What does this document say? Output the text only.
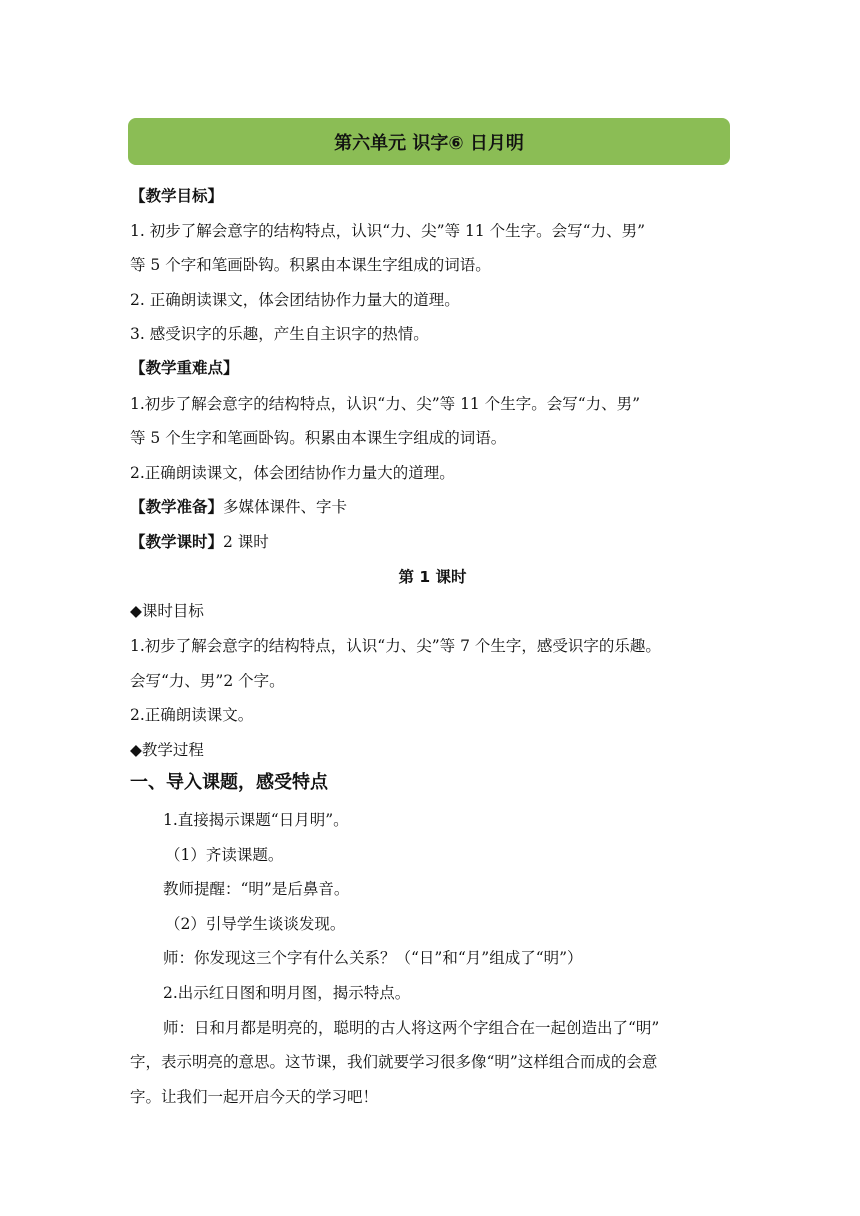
第六单元 识字⑥ 日月明
【教学目标】
1. 初步了解会意字的结构特点，认识“力、尖”等 11 个生字。会写“力、男”
等 5 个字和笔画卧钩。积累由本课生字组成的词语。
2. 正确朗读课文，体会团结协作力量大的道理。
3. 感受识字的乐趣，产生自主识字的热情。
【教学重难点】
1.初步了解会意字的结构特点，认识“力、尖”等 11 个生字。会写“力、男”
等 5 个生字和笔画卧钩。积累由本课生字组成的词语。
2.正确朗读课文，体会团结协作力量大的道理。
【教学准备】多媒体课件、字卡
【教学课时】2 课时
第 1 课时
◆课时目标
1.初步了解会意字的结构特点，认识“力、尖”等 7 个生字，感受识字的乐趣。
会写“力、男”2 个字。
2.正确朗读课文。
◆教学过程
一、导入课题，感受特点
1.直接揭示课题“日月明”。
（1）齐读课题。
教师提醒：“明”是后鼻音。
（2）引导学生谈谈发现。
师：你发现这三个字有什么关系？（“日”和“月”组成了“明”）
2.出示红日图和明月图，揭示特点。
师：日和月都是明亮的，聪明的古人将这两个字组合在一起创造出了“明”
字，表示明亮的意思。这节课，我们就要学习很多像“明”这样组合而成的会意
字。让我们一起开启今天的学习吧！
